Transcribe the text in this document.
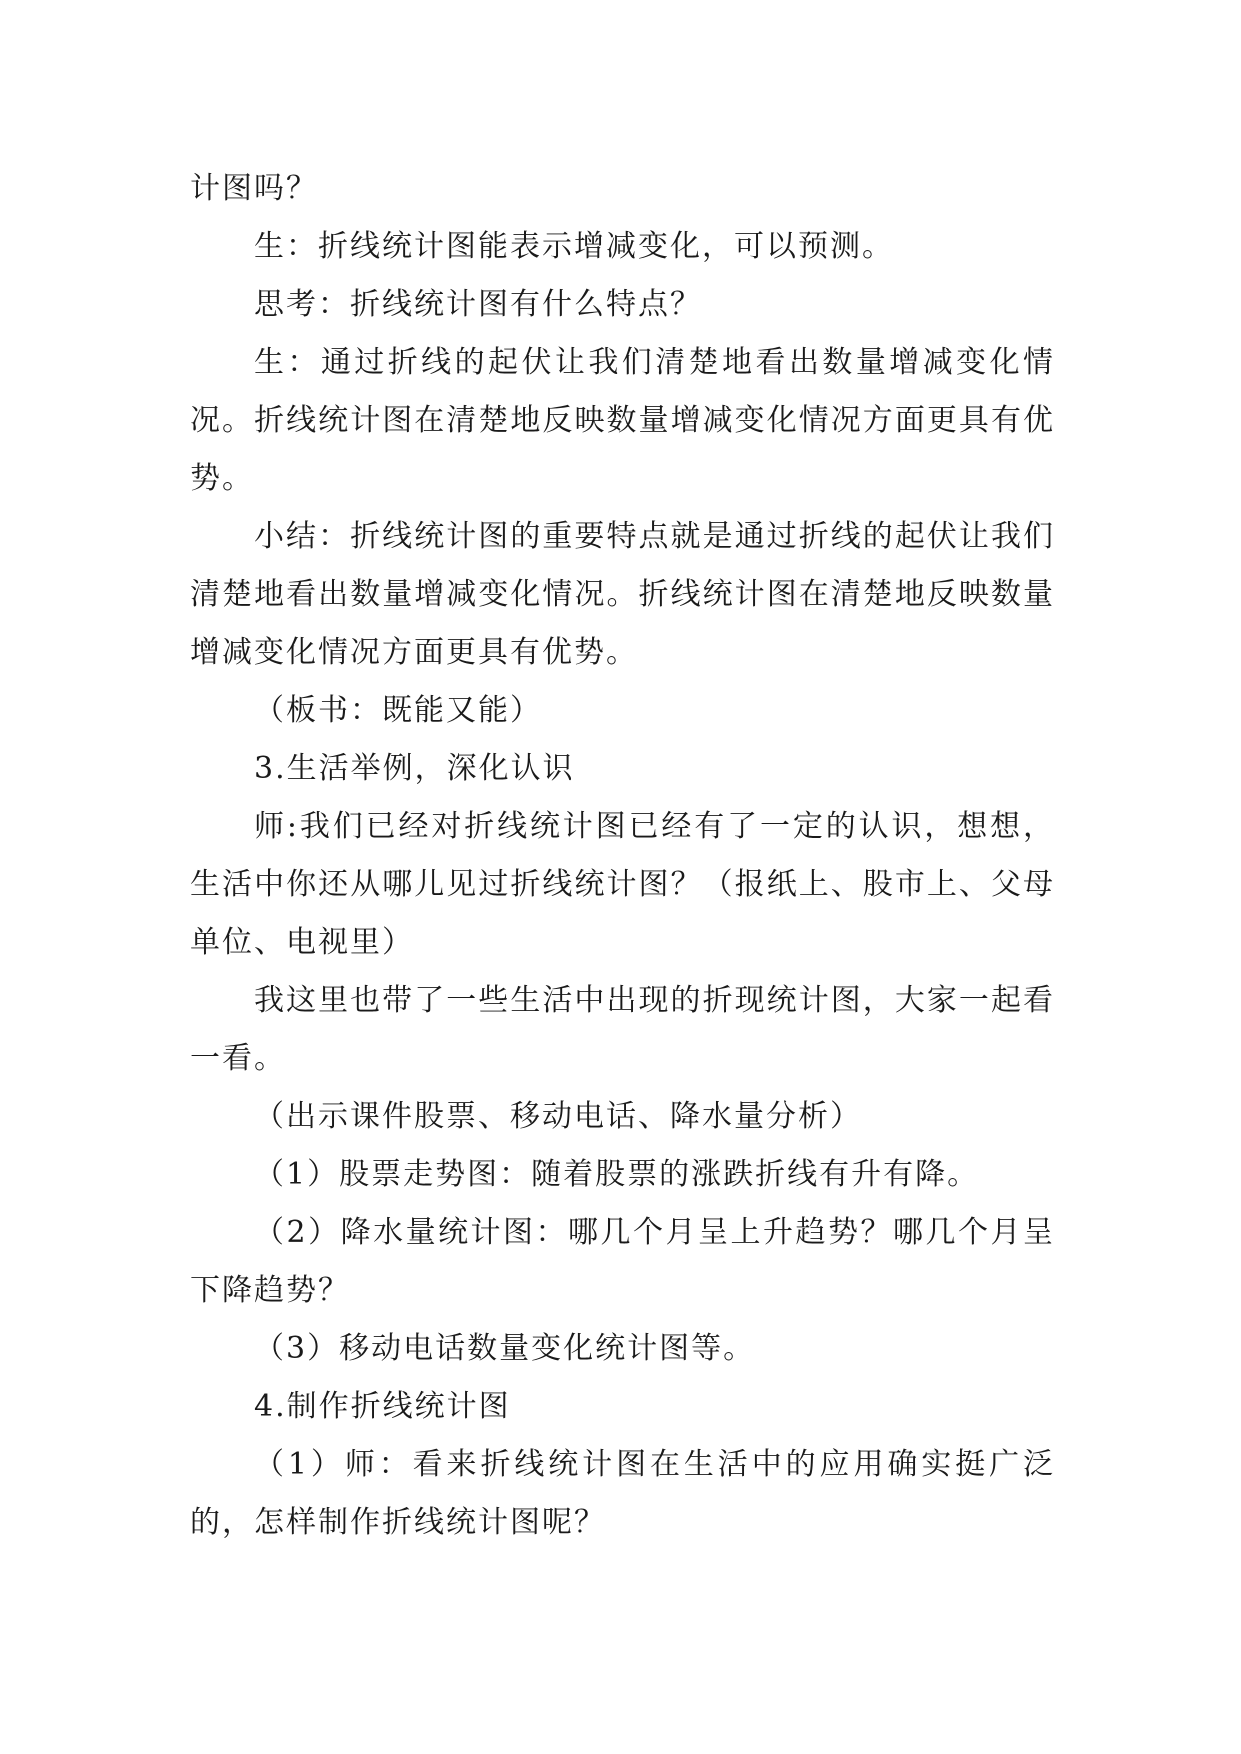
计图吗？

生：折线统计图能表示增减变化，可以预测。

思考：折线统计图有什么特点？

生：通过折线的起伏让我们清楚地看出数量增减变化情况。折线统计图在清楚地反映数量增减变化情况方面更具有优势。

小结：折线统计图的重要特点就是通过折线的起伏让我们清楚地看出数量增减变化情况。折线统计图在清楚地反映数量增减变化情况方面更具有优势。

（板书：既能又能）

3.生活举例，深化认识

师:我们已经对折线统计图已经有了一定的认识，想想，生活中你还从哪儿见过折线统计图？（报纸上、股市上、父母单位、电视里）

我这里也带了一些生活中出现的折现统计图，大家一起看一看。

（出示课件股票、移动电话、降水量分析）

（1）股票走势图：随着股票的涨跌折线有升有降。

（2）降水量统计图：哪几个月呈上升趋势？哪几个月呈下降趋势？

（3）移动电话数量变化统计图等。

4.制作折线统计图

（1）师：看来折线统计图在生活中的应用确实挺广泛的，怎样制作折线统计图呢？
